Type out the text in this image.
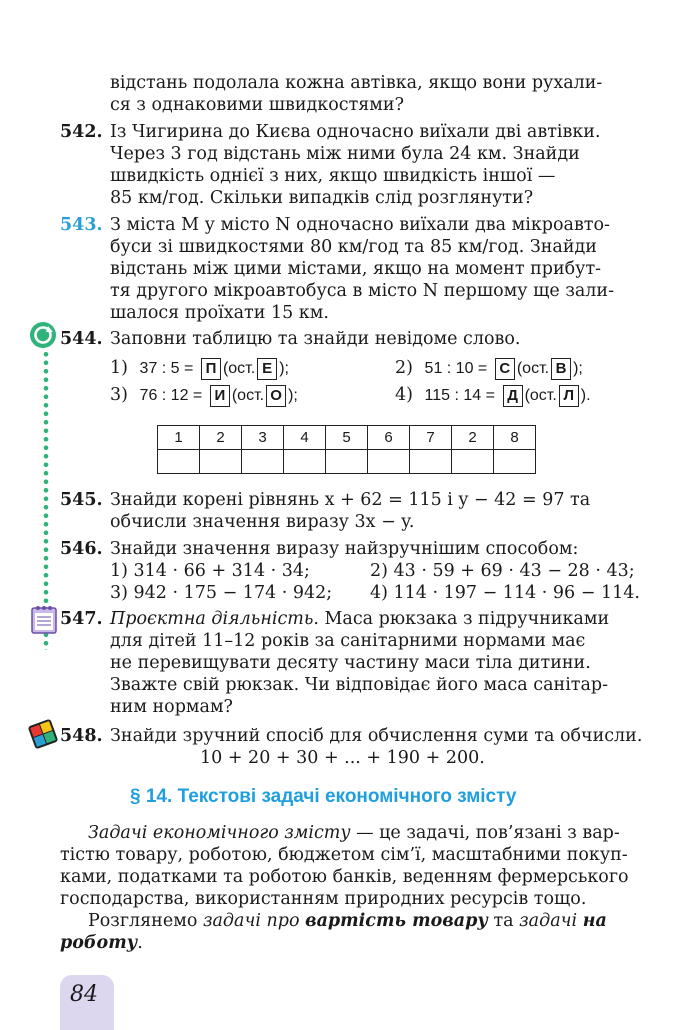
відстань подолала кожна автівка, якщо вони рухали-
ся з однаковими швидкостями?
542. Із Чигирина до Києва одночасно виїхали дві автівки.
Через 3 год відстань між ними була 24 км. Знайди
швидкість однієї з них, якщо швидкість іншої —
85 км/год. Скільки випадків слід розглянути?
543. З міста M у місто N одночасно виїхали два мікроавто-
буси зі швидкостями 80 км/год та 85 км/год. Знайди
відстань між цими містами, якщо на момент прибут-
тя другого мікроавтобуса в місто N першому ще зали-
шалося проїхати 15 км.
544. Заповни таблицю та знайди невідоме слово.
1) 37 : 5 = П (ост. Е );	2) 51 : 10 = С (ост. В );
3) 76 : 12 = И (ост. О );	4) 115 : 14 = Д (ост. Л ).
1	2	3	4	5	6	7	2	8

545. Знайди корені рівнянь x + 62 = 115 і y − 42 = 97 та
обчисли значення виразу 3x − y.
546. Знайди значення виразу найзручнішим способом:
1) 314 · 66 + 314 · 34;	2) 43 · 59 + 69 · 43 − 28 · 43;
3) 942 · 175 − 174 · 942; 4) 114 · 197 − 114 · 96 − 114.
547. Проєктна діяльність. Маса рюкзака з підручниками
для дітей 11–12 років за санітарними нормами має
не перевищувати десяту частину маси тіла дитини.
Зважте свій рюкзак. Чи відповідає його маса санітар-
ним нормам?
548. Знайди зручний спосіб для обчислення суми та обчисли.
10 + 20 + 30 + ... + 190 + 200.
§ 14. Текстові задачі економічного змісту
Задачі економічного змісту — це задачі, пов’язані з вар-
тістю товару, роботою, бюджетом сім’ї, масштабними покуп-
ками, податками та роботою банків, веденням фермерського
господарства, використанням природних ресурсів тощо.
Розглянемо задачі про вартість товару та задачі на
роботу.
84
